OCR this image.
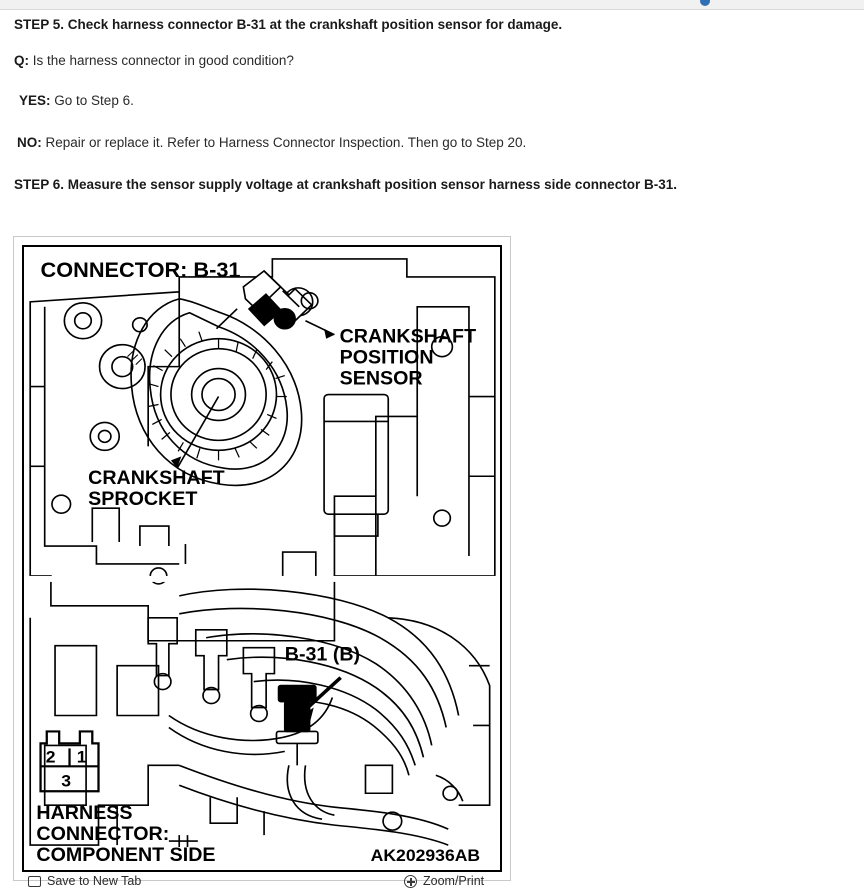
STEP 5. Check harness connector B-31 at the crankshaft position sensor for damage.
Q: Is the harness connector in good condition?
YES: Go to Step 6.
NO: Repair or replace it. Refer to Harness Connector Inspection. Then go to Step 20.
STEP 6. Measure the sensor supply voltage at crankshaft position sensor harness side connector B-31.
CONNECTOR: B-31
CRANKSHAFT
POSITION
SENSOR
CRANKSHAFT
SPROCKET
B-31 (B)
2 1
3
HARNESS
CONNECTOR:
COMPONENT SIDE	AK202936AB
Save to New Tab	Zoom/Print
